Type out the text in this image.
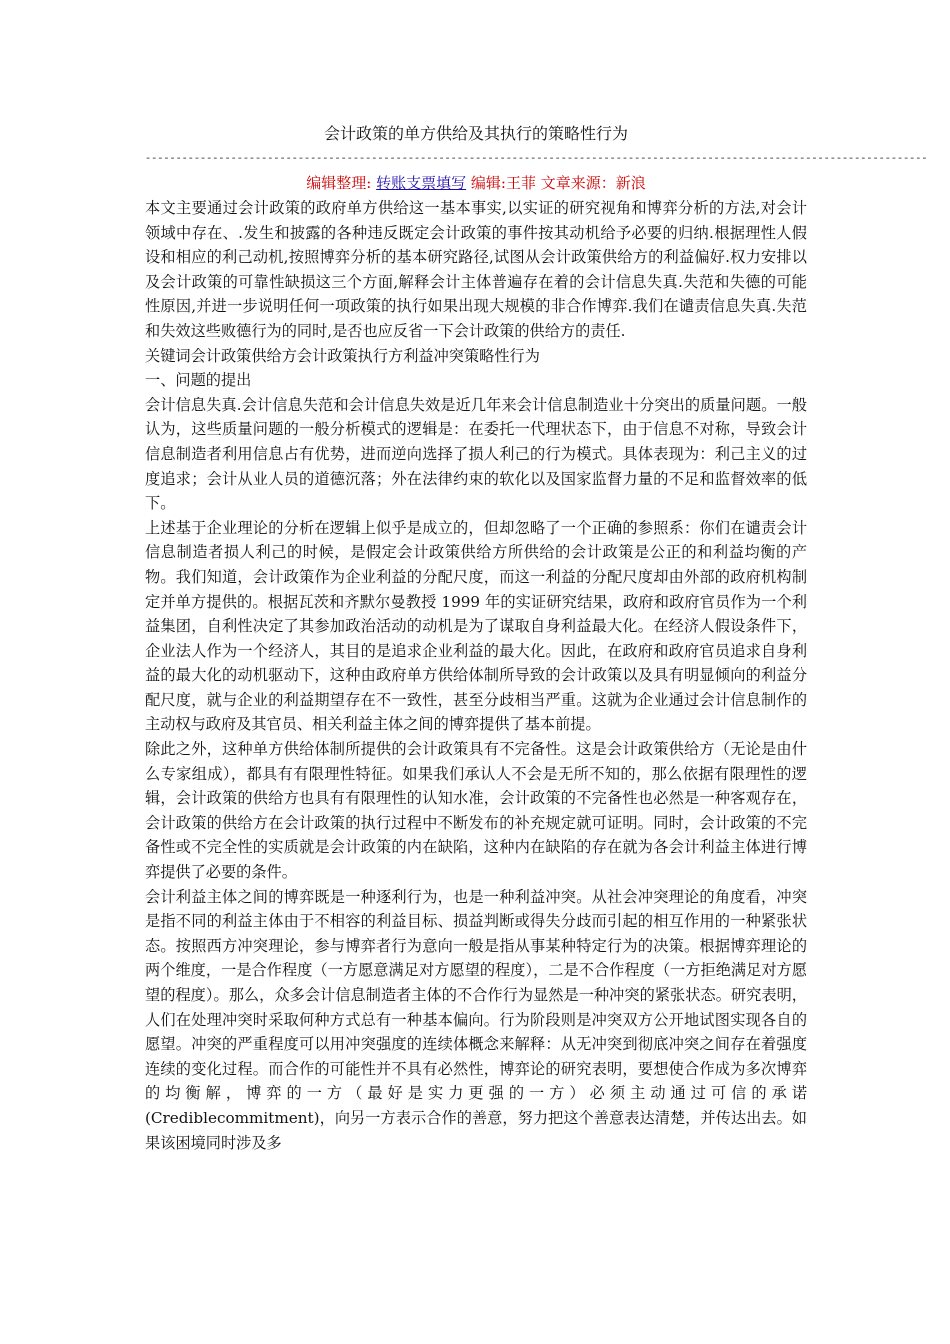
会计政策的单方供给及其执行的策略性行为
--------------------------------------------------------------------------------------------------------------------------------
编辑整理: 转账支票填写 编辑:王菲 文章来源：新浪

本文主要通过会计政策的政府单方供给这一基本事实,以实证的研究视角和博弈分析的方法,对会计领域中存在、.发生和披露的各种违反既定会计政策的事件按其动机给予必要的归纳.根据理性人假设和相应的利己动机,按照博弈分析的基本研究路径,试图从会计政策供给方的利益偏好.权力安排以及会计政策的可靠性缺损这三个方面,解释会计主体普遍存在着的会计信息失真.失范和失德的可能性原因,并进一步说明任何一项政策的执行如果出现大规模的非合作博弈.我们在谴责信息失真.失范和失效这些败德行为的同时,是否也应反省一下会计政策的供给方的责任.

关键词会计政策供给方会计政策执行方利益冲突策略性行为

一、问题的提出

会计信息失真.会计信息失范和会计信息失效是近几年来会计信息制造业十分突出的质量问题。一般认为，这些质量问题的一般分析模式的逻辑是：在委托一代理状态下，由于信息不对称，导致会计信息制造者利用信息占有优势，进而逆向选择了损人利己的行为模式。具体表现为：利己主义的过度追求；会计从业人员的道德沉落；外在法律约束的软化以及国家监督力量的不足和监督效率的低下。

上述基于企业理论的分析在逻辑上似乎是成立的，但却忽略了一个正确的参照系：你们在谴责会计信息制造者损人利己的时候，是假定会计政策供给方所供给的会计政策是公正的和利益均衡的产物。我们知道，会计政策作为企业利益的分配尺度，而这一利益的分配尺度却由外部的政府机构制定并单方提供的。根据瓦茨和齐默尔曼教授 1999 年的实证研究结果，政府和政府官员作为一个利益集团，自利性决定了其参加政治活动的动机是为了谋取自身利益最大化。在经济人假设条件下，企业法人作为一个经济人，其目的是追求企业利益的最大化。因此，在政府和政府官员追求自身利益的最大化的动机驱动下，这种由政府单方供给体制所导致的会计政策以及具有明显倾向的利益分配尺度，就与企业的利益期望存在不一致性，甚至分歧相当严重。这就为企业通过会计信息制作的主动权与政府及其官员、相关利益主体之间的博弈提供了基本前提。

除此之外，这种单方供给体制所提供的会计政策具有不完备性。这是会计政策供给方（无论是由什么专家组成），都具有有限理性特征。如果我们承认人不会是无所不知的，那么依据有限理性的逻辑，会计政策的供给方也具有有限理性的认知水准，会计政策的不完备性也必然是一种客观存在，会计政策的供给方在会计政策的执行过程中不断发布的补充规定就可证明。同时，会计政策的不完备性或不完全性的实质就是会计政策的内在缺陷，这种内在缺陷的存在就为各会计利益主体进行博弈提供了必要的条件。

会计利益主体之间的博弈既是一种逐利行为，也是一种利益冲突。从社会冲突理论的角度看，冲突是指不同的利益主体由于不相容的利益目标、损益判断或得失分歧而引起的相互作用的一种紧张状态。按照西方冲突理论，参与博弈者行为意向一般是指从事某种特定行为的决策。根据博弈理论的两个维度，一是合作程度（一方愿意满足对方愿望的程度），二是不合作程度（一方拒绝满足对方愿望的程度）。那么，众多会计信息制造者主体的不合作行为显然是一种冲突的紧张状态。研究表明，人们在处理冲突时采取何种方式总有一种基本偏向。行为阶段则是冲突双方公开地试图实现各自的愿望。冲突的严重程度可以用冲突强度的连续体概念来解释：从无冲突到彻底冲突之间存在着强度连续的变化过程。而合作的可能性并不具有必然性，博弈论的研究表明，要想使合作成为多次博弈的均衡解，博弈的一方（最好是实力更强的一方）必须主动通过可信的承诺(Crediblecommitment)，向另一方表示合作的善意，努力把这个善意表达清楚，并传达出去。如果该困境同时涉及多
